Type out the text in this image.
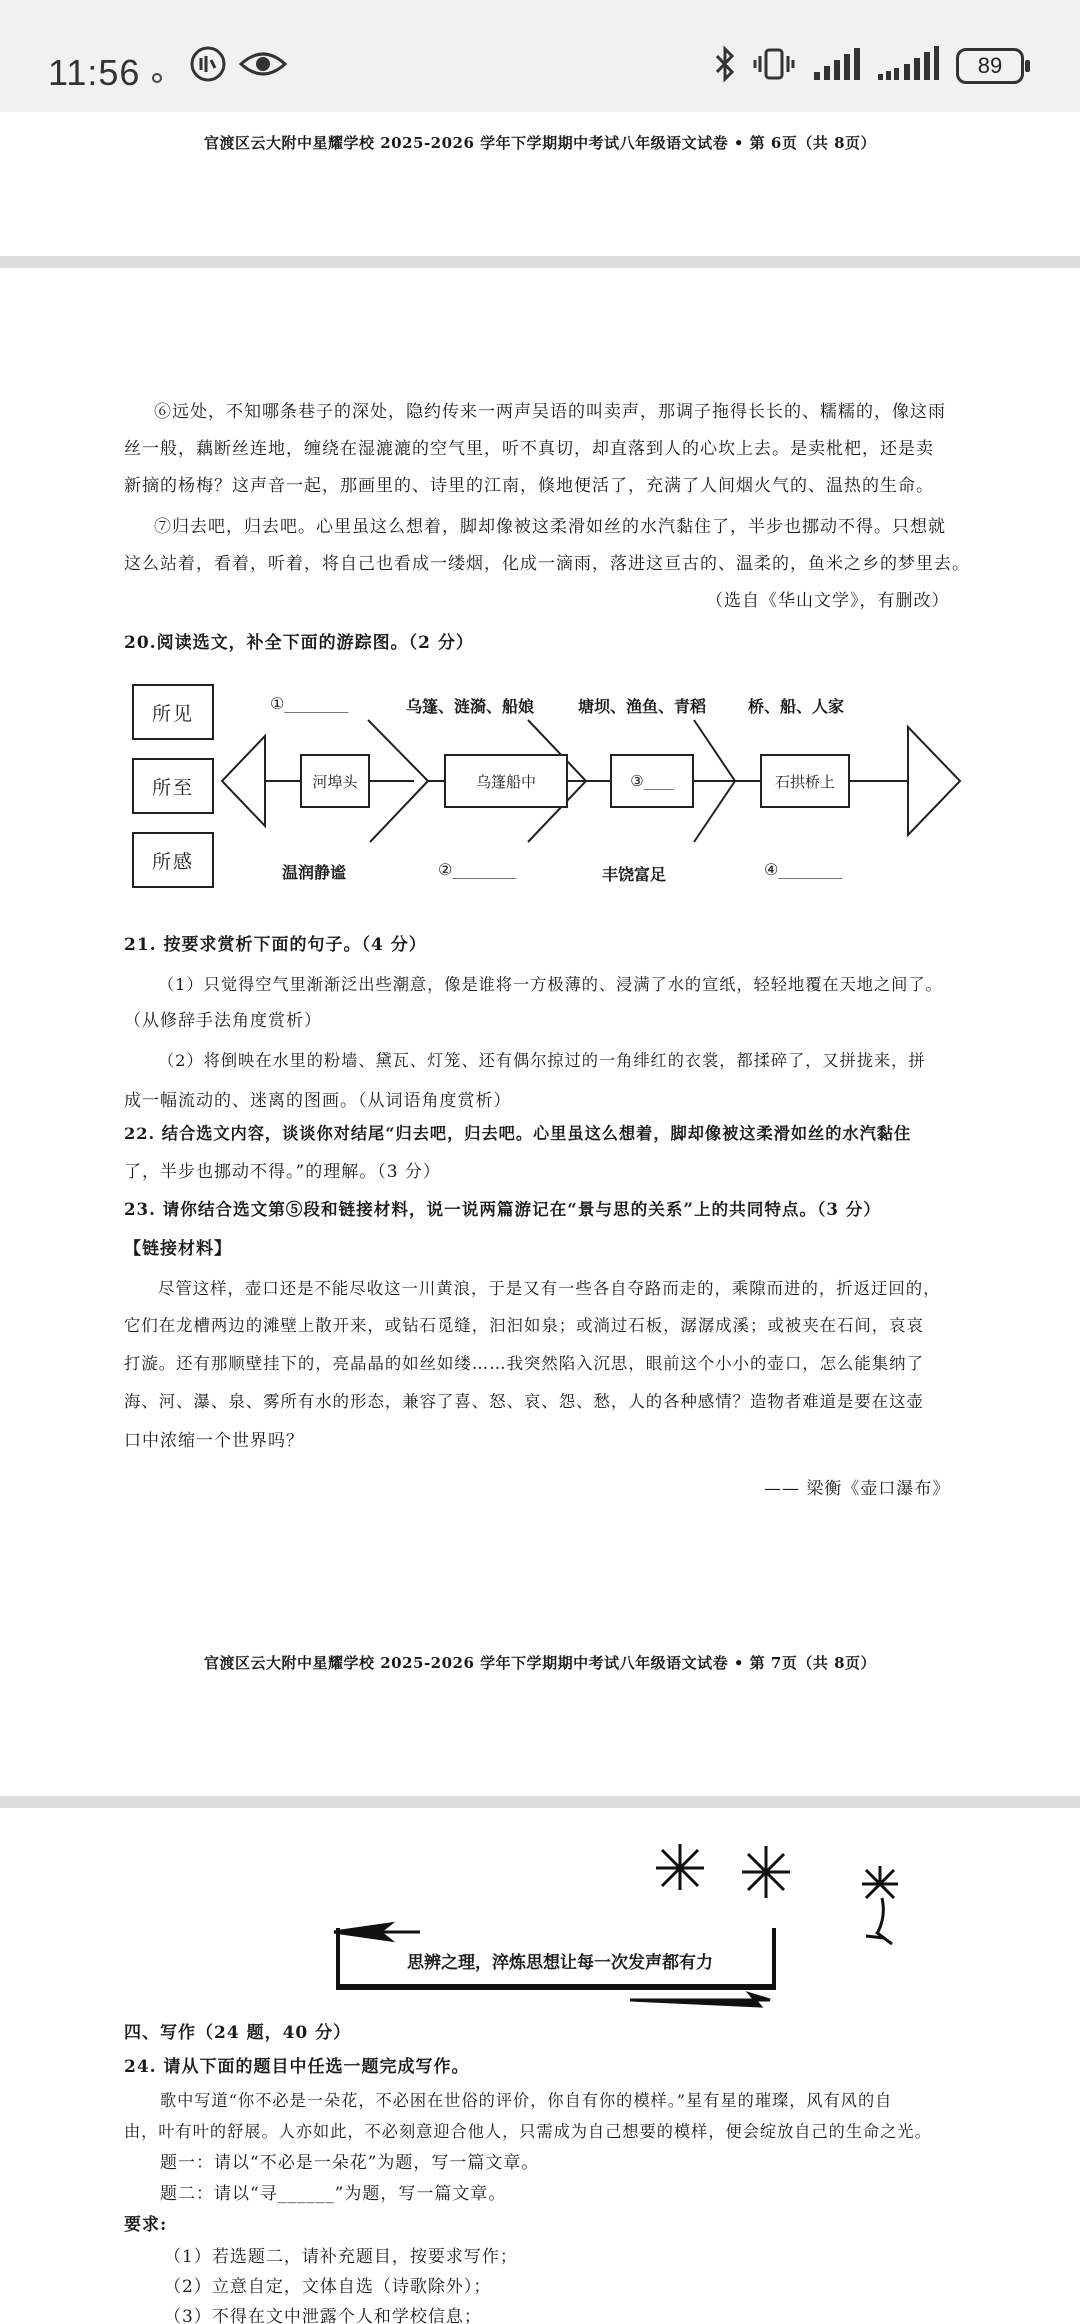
11:56	89
官渡区云大附中星耀学校 2025-2026 学年下学期期中考试八年级语文试卷 • 第 6页（共 8页）
⑥远处，不知哪条巷子的深处，隐约传来一两声吴语的叫卖声，那调子拖得长长的、糯糯的，像这雨
丝一般，藕断丝连地，缠绕在湿漉漉的空气里，听不真切，却直落到人的心坎上去。是卖枇杷，还是卖
新摘的杨梅？这声音一起，那画里的、诗里的江南，倏地便活了，充满了人间烟火气的、温热的生命。
⑦归去吧，归去吧。心里虽这么想着，脚却像被这柔滑如丝的水汽黏住了，半步也挪动不得。只想就
这么站着，看着，听着，将自己也看成一缕烟，化成一滴雨，落进这亘古的、温柔的，鱼米之乡的梦里去。
（选自《华山文学》，有删改）
20.阅读选文，补全下面的游踪图。（2 分）
所见
所至
所感
河埠头	乌篷船中	③____	石拱桥上
①________	乌篷、涟漪、船娘	塘坝、渔鱼、青稻	桥、船、人家
温润静谧	②________	丰饶富足	④________
21. 按要求赏析下面的句子。（4 分）
（1）只觉得空气里渐渐泛出些潮意，像是谁将一方极薄的、浸满了水的宣纸，轻轻地覆在天地之间了。
（从修辞手法角度赏析）
（2）将倒映在水里的粉墙、黛瓦、灯笼、还有偶尔掠过的一角绯红的衣裳，都揉碎了，又拼拢来，拼
成一幅流动的、迷离的图画。（从词语角度赏析）
22. 结合选文内容，谈谈你对结尾“归去吧，归去吧。心里虽这么想着，脚却像被这柔滑如丝的水汽黏住
了，半步也挪动不得。”的理解。（3 分）
23. 请你结合选文第⑤段和链接材料，说一说两篇游记在“景与思的关系”上的共同特点。（3 分）
【链接材料】
尽管这样，壶口还是不能尽收这一川黄浪，于是又有一些各自夺路而走的，乘隙而进的，折返迂回的，
它们在龙槽两边的滩壁上散开来，或钻石觅缝，汩汩如泉；或淌过石板，潺潺成溪；或被夹在石间，哀哀
打漩。还有那顺壁挂下的，亮晶晶的如丝如缕……我突然陷入沉思，眼前这个小小的壶口，怎么能集纳了
海、河、瀑、泉、雾所有水的形态，兼容了喜、怒、哀、怨、愁，人的各种感情？造物者难道是要在这壶
口中浓缩一个世界吗？
—— 梁衡《壶口瀑布》
官渡区云大附中星耀学校 2025-2026 学年下学期期中考试八年级语文试卷 • 第 7页（共 8页）
思辨之理，淬炼思想让每一次发声都有力
四、写作（24 题，40 分）
24. 请从下面的题目中任选一题完成写作。
歌中写道“你不必是一朵花，不必困在世俗的评价，你自有你的模样。”星有星的璀璨，风有风的自
由，叶有叶的舒展。人亦如此，不必刻意迎合他人，只需成为自己想要的模样，便会绽放自己的生命之光。
题一：请以“不必是一朵花”为题，写一篇文章。
题二：请以“寻______”为题，写一篇文章。
要求:
（1）若选题二，请补充题目，按要求写作；
（2）立意自定，文体自选（诗歌除外）；
（3）不得在文中泄露个人和学校信息；
